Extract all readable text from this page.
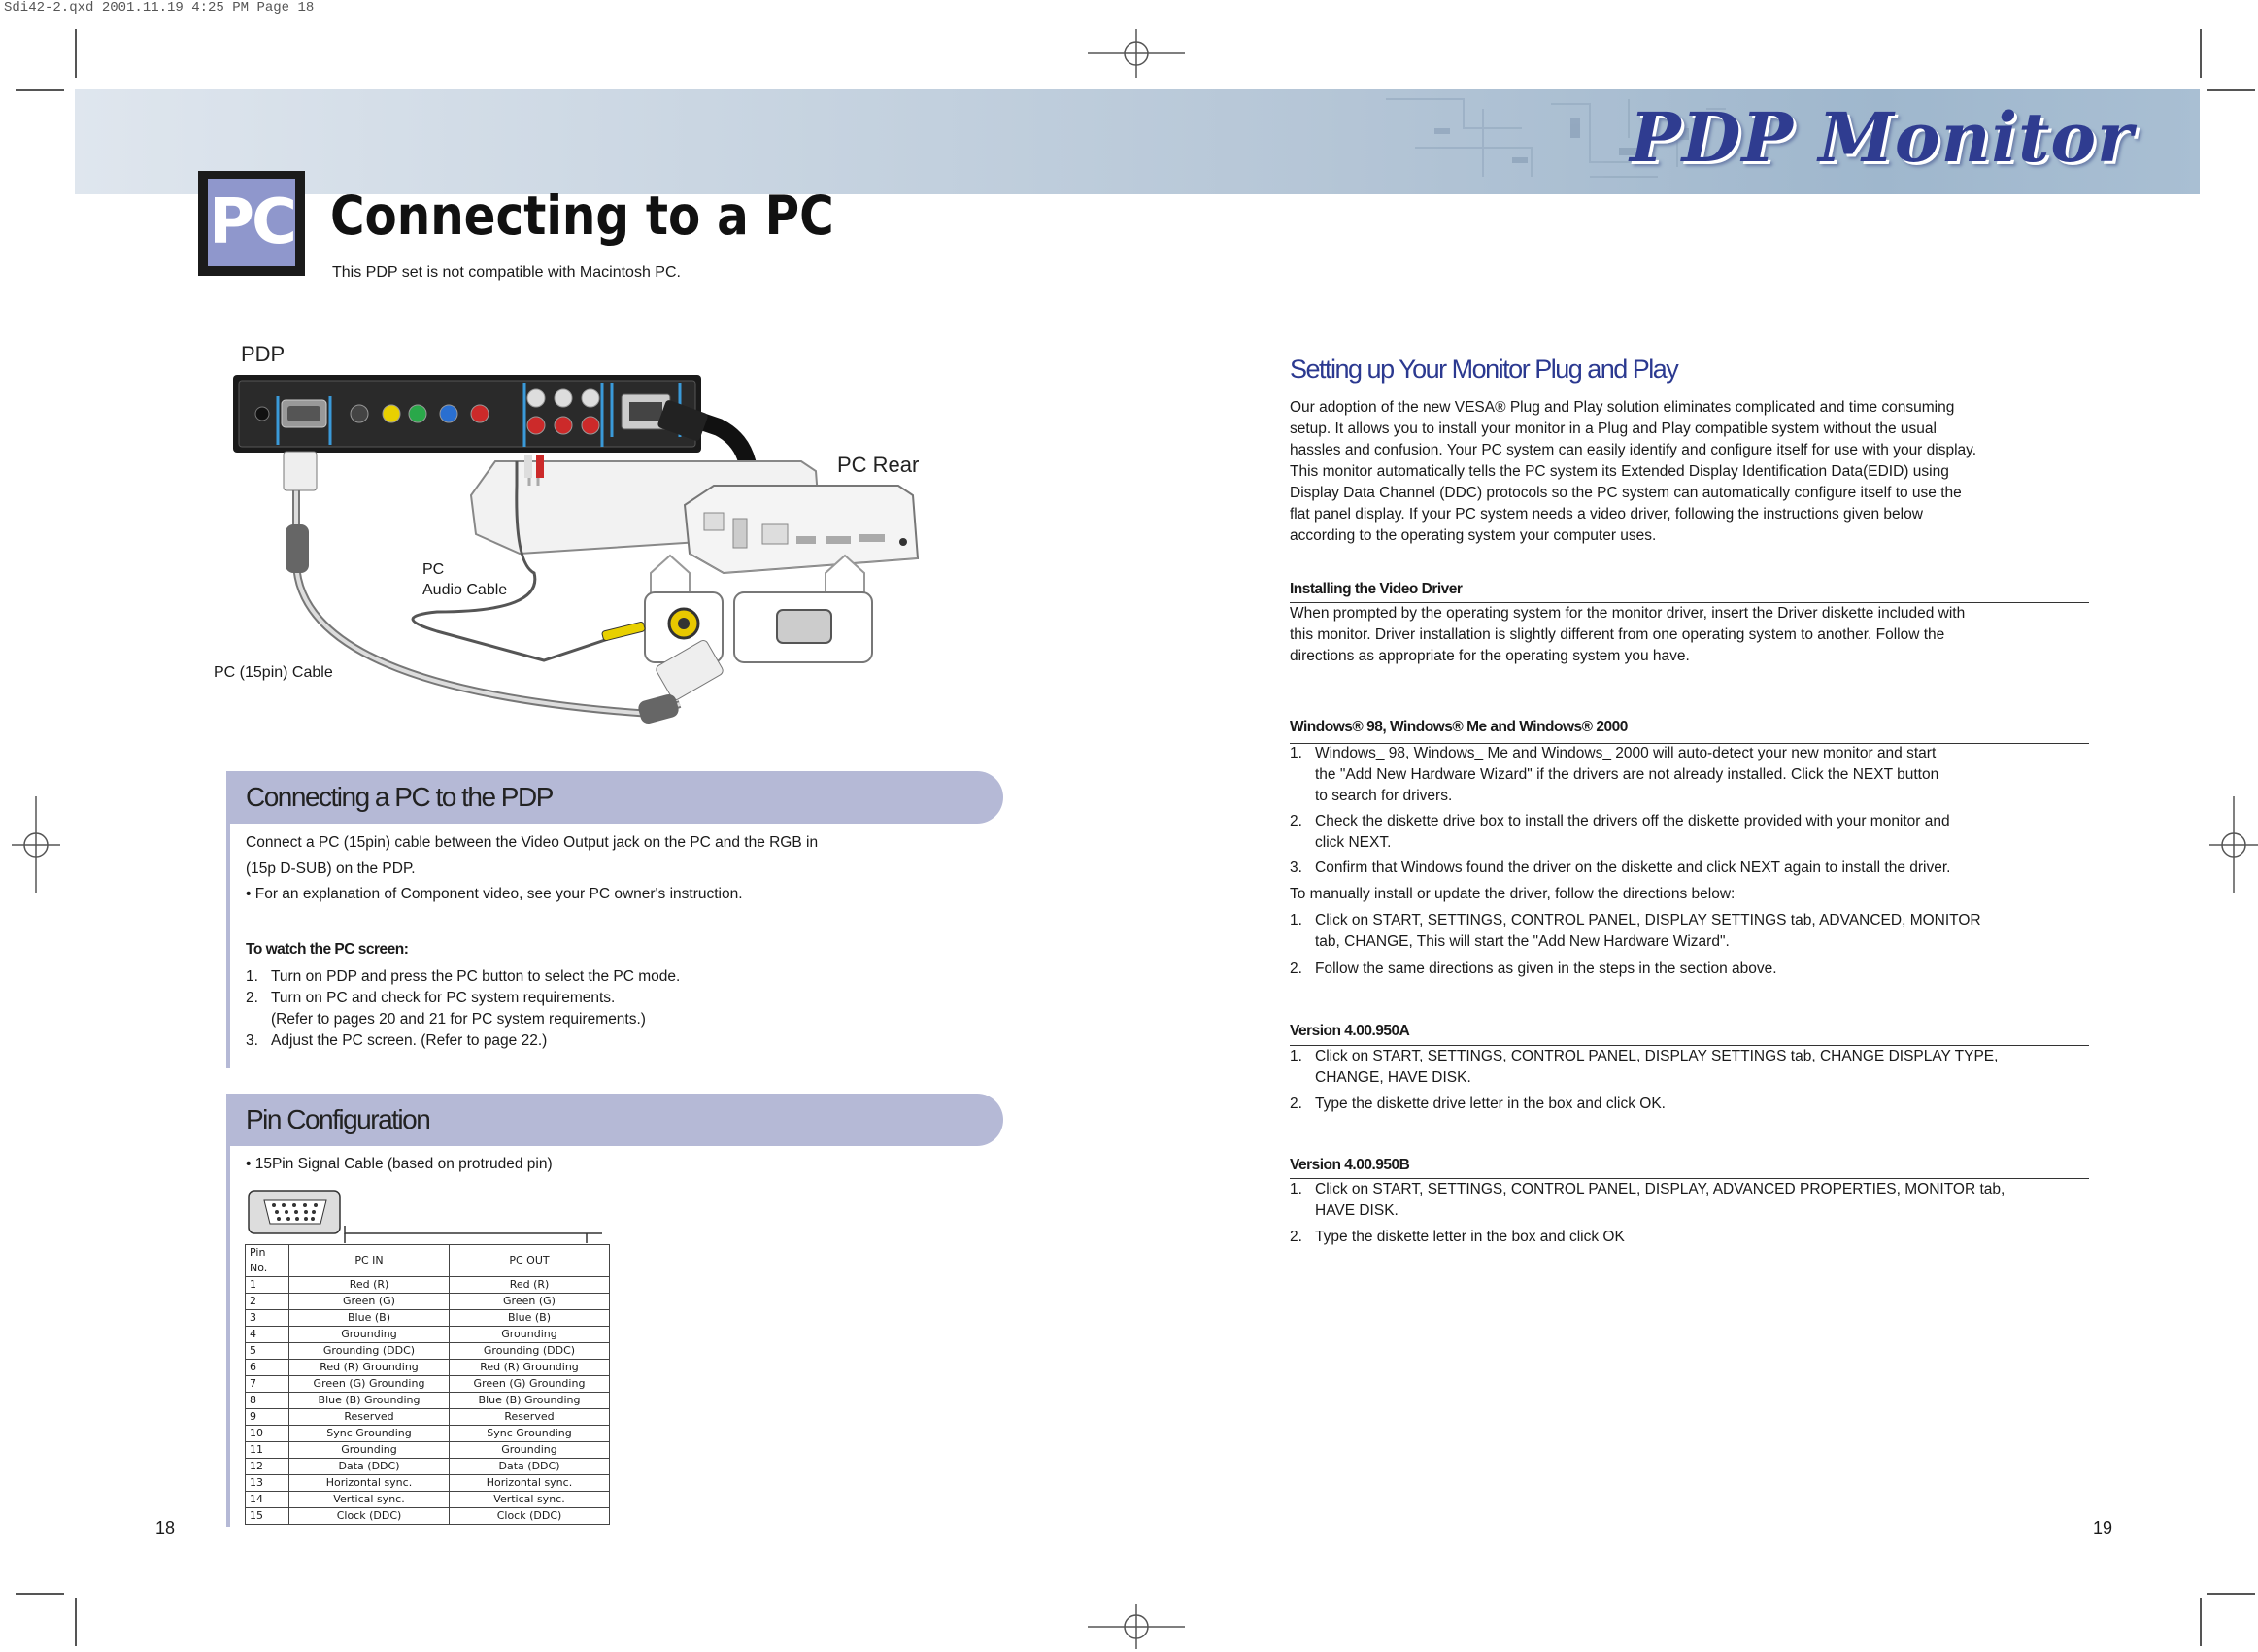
Sdi42-2.qxd 2001.11.19 4:25 PM Page 18
PDP Monitor
PC Connecting to a PC
This PDP set is not compatible with Macintosh PC.
PDP
PC Rear
PC
Audio Cable
PC (15pin) Cable
Connecting a PC to the PDP
Connect a PC (15pin) cable between the Video Output jack on the PC and the RGB in
(15p D-SUB) on the PDP.
• For an explanation of Component video, see your PC owner's instruction.
To watch the PC screen:
1. Turn on PDP and press the PC button to select the PC mode.
2. Turn on PC and check for PC system requirements.
(Refer to pages 20 and 21 for PC system requirements.)
3. Adjust the PC screen. (Refer to page 22.)
Pin Configuration
• 15Pin Signal Cable (based on protruded pin)
Pin No.	PC IN	PC OUT
1	Red (R)	Red (R)
2	Green (G)	Green (G)
3	Blue (B)	Blue (B)
4	Grounding	Grounding
5	Grounding (DDC)	Grounding (DDC)
6	Red (R) Grounding	Red (R) Grounding
7	Green (G) Grounding	Green (G) Grounding
8	Blue (B) Grounding	Blue (B) Grounding
9	Reserved	Reserved
10	Sync Grounding	Sync Grounding
11	Grounding	Grounding
12	Data (DDC)	Data (DDC)
13	Horizontal sync.	Horizontal sync.
14	Vertical sync.	Vertical sync.
15	Clock (DDC)	Clock (DDC)
Setting up Your Monitor Plug and Play
Our adoption of the new VESA® Plug and Play solution eliminates complicated and time consuming
setup. It allows you to install your monitor in a Plug and Play compatible system without the usual
hassles and confusion. Your PC system can easily identify and configure itself for use with your display.
This monitor automatically tells the PC system its Extended Display Identification Data(EDID) using
Display Data Channel (DDC) protocols so the PC system can automatically configure itself to use the
flat panel display. If your PC system needs a video driver, following the instructions given below
according to the operating system your computer uses.
Installing the Video Driver
When prompted by the operating system for the monitor driver, insert the Driver diskette included with
this monitor. Driver installation is slightly different from one operating system to another. Follow the
directions as appropriate for the operating system you have.
Windows® 98, Windows® Me and Windows® 2000
1. Windows_ 98, Windows_ Me and Windows_ 2000 will auto-detect your new monitor and start
the "Add New Hardware Wizard" if the drivers are not already installed. Click the NEXT button
to search for drivers.
2. Check the diskette drive box to install the drivers off the diskette provided with your monitor and
click NEXT.
3. Confirm that Windows found the driver on the diskette and click NEXT again to install the driver.
To manually install or update the driver, follow the directions below:
1. Click on START, SETTINGS, CONTROL PANEL, DISPLAY SETTINGS tab, ADVANCED, MONITOR
tab, CHANGE, This will start the "Add New Hardware Wizard".
2. Follow the same directions as given in the steps in the section above.
Version 4.00.950A
1. Click on START, SETTINGS, CONTROL PANEL, DISPLAY SETTINGS tab, CHANGE DISPLAY TYPE,
CHANGE, HAVE DISK.
2. Type the diskette drive letter in the box and click OK.
Version 4.00.950B
1. Click on START, SETTINGS, CONTROL PANEL, DISPLAY, ADVANCED PROPERTIES, MONITOR tab,
HAVE DISK.
2. Type the diskette letter in the box and click OK
18	19
